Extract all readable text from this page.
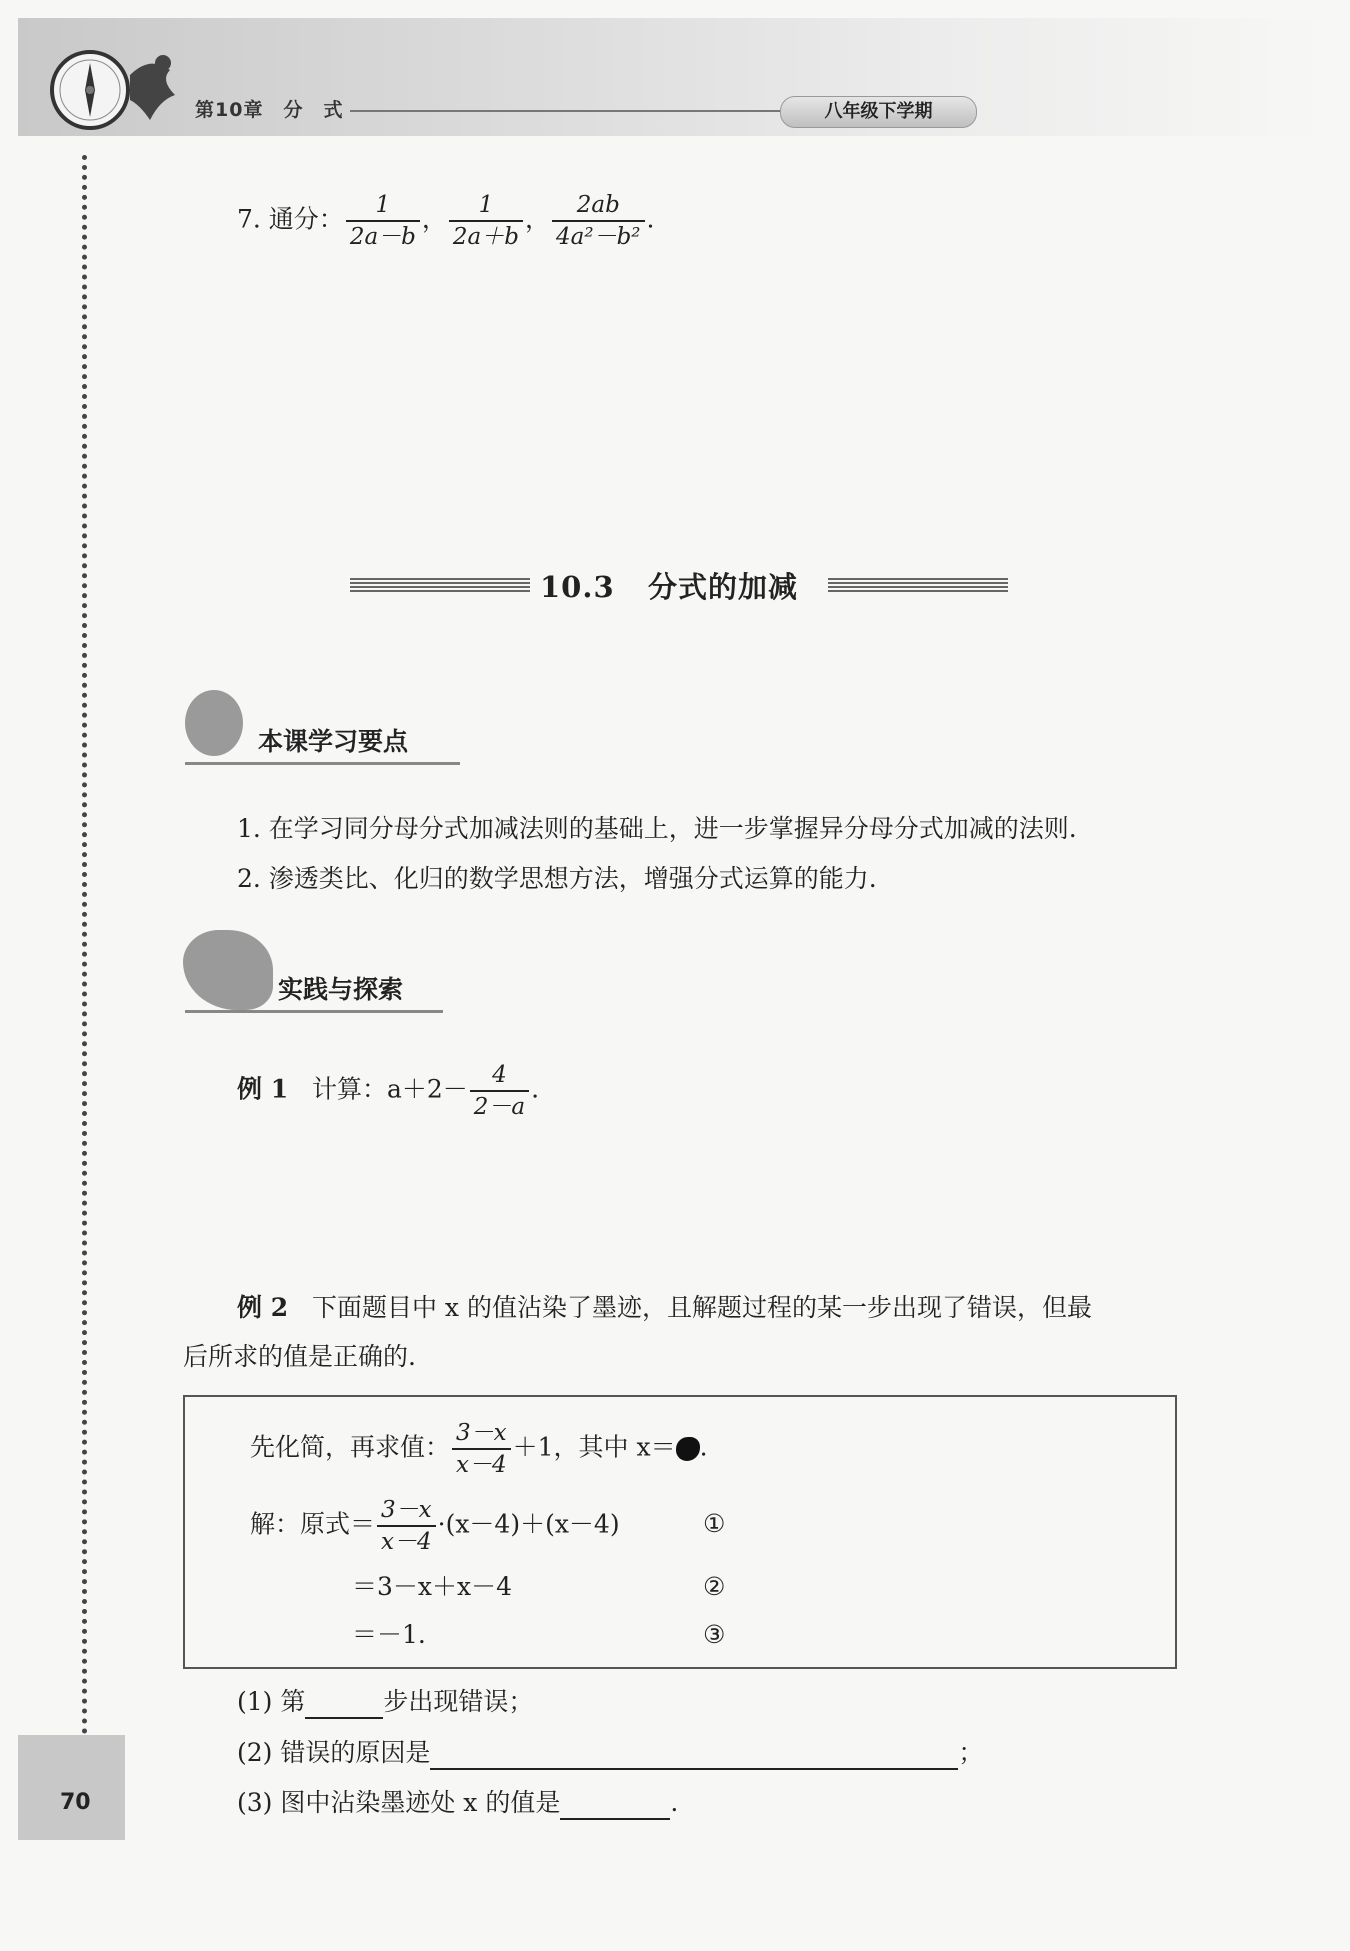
第10章　分　式	八年级下学期
7. 通分： $\frac{1}{2a-b}$ ， $\frac{1}{2a+b}$ ， $\frac{2ab}{\text{4a²－b²}}$ .
10.3 分式的加减
本课学习要点
1. 在学习同分母分式加减法则的基础上，进一步掌握异分母分式加减的法则.
2. 渗透类比、化归的数学思想方法，增强分式运算的能力.
实践与探索
例 1 计算：$a+2- \frac{4}{2-a}$ .
例 2 下面题目中 x 的值沾染了墨迹，且解题过程的某一步出现了错误，但最
后所求的值是正确的.
先化简，再求值： $\frac{3-x}{x-4} +1$，其中 x＝ .
解：原式＝ $\frac{3-x}{x-4} \cdot(x-4)+(x-4)$	①
＝3－x＋x－4	②
＝－1.	③
(1) 第	步出现错误；
(2) 错误的原因是	；
(3) 图中沾染墨迹处 x 的值是	.
70
